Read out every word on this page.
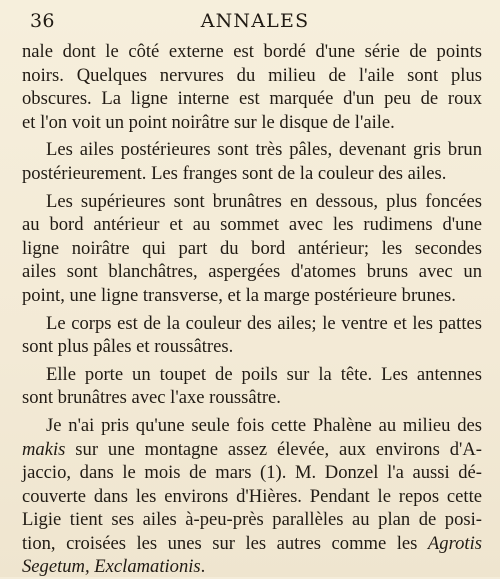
36	ANNALES
nale dont le côté externe est bordé d'une série de points
noirs. Quelques nervures du milieu de l'aile sont plus
obscures. La ligne interne est marquée d'un peu de roux
et l'on voit un point noirâtre sur le disque de l'aile.
Les ailes postérieures sont très pâles, devenant gris brun
postérieurement. Les franges sont de la couleur des ailes.
Les supérieures sont brunâtres en dessous, plus foncées
au bord antérieur et au sommet avec les rudimens d'une
ligne noirâtre qui part du bord antérieur; les secondes
ailes sont blanchâtres, aspergées d'atomes bruns avec un
point, une ligne transverse, et la marge postérieure brunes.
Le corps est de la couleur des ailes; le ventre et les pattes
sont plus pâles et roussâtres.
Elle porte un toupet de poils sur la tête. Les antennes
sont brunâtres avec l'axe roussâtre.
Je n'ai pris qu'une seule fois cette Phalène au milieu des
makis sur une montagne assez élevée, aux environs d'A-
jaccio, dans le mois de mars (1). M. Donzel l'a aussi dé-
couverte dans les environs d'Hières. Pendant le repos cette
Ligie tient ses ailes à-peu-près parallèles au plan de posi-
tion, croisées les unes sur les autres comme les Agrotis
Segetum, Exclamationis.
